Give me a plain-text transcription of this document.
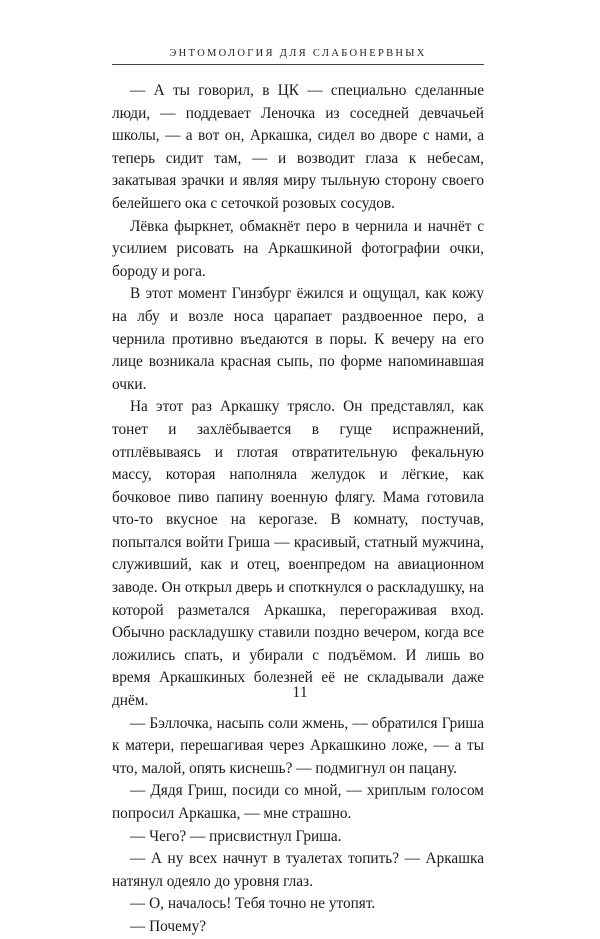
ЭНТОМОЛОГИЯ ДЛЯ СЛАБОНЕРВНЫХ

— А ты говорил, в ЦК — специально сделанные люди, — поддевает Леночка из соседней девчачьей школы, — а вот он, Аркашка, сидел во дворе с нами, а теперь сидит там, — и возводит глаза к небесам, закатывая зрачки и являя миру тыльную сторону своего белейшего ока с сеточкой розовых сосудов.

Лёвка фыркнет, обмакнёт перо в чернила и начнёт с усилием рисовать на Аркашкиной фотографии очки, бороду и рога.

В этот момент Гинзбург ёжился и ощущал, как кожу на лбу и возле носа царапает раздвоенное перо, а чернила противно въедаются в поры. К вечеру на его лице возникала красная сыпь, по форме напоминавшая очки.

На этот раз Аркашку трясло. Он представлял, как тонет и захлёбывается в гуще испражнений, отплёвываясь и глотая отвратительную фекальную массу, которая наполняла желудок и лёгкие, как бочковое пиво папину военную флягу. Мама готовила что-то вкусное на керогазе. В комнату, постучав, попытался войти Гриша — красивый, статный мужчина, служивший, как и отец, военпредом на авиационном заводе. Он открыл дверь и споткнулся о раскладушку, на которой разметался Аркашка, перегораживая вход. Обычно раскладушку ставили поздно вечером, когда все ложились спать, и убирали с подъёмом. И лишь во время Аркашкиных болезней её не складывали даже днём.

— Бэллочка, насыпь соли жмень, — обратился Гриша к матери, перешагивая через Аркашкино ложе, — а ты что, малой, опять киснешь? — подмигнул он пацану.

— Дядя Гриш, посиди со мной, — хриплым голосом попросил Аркашка, — мне страшно.

— Чего? — присвистнул Гриша.

— А ну всех начнут в туалетах топить? — Аркашка натянул одеяло до уровня глаз.

— О, началось! Тебя точно не утопят.

— Почему?

11
